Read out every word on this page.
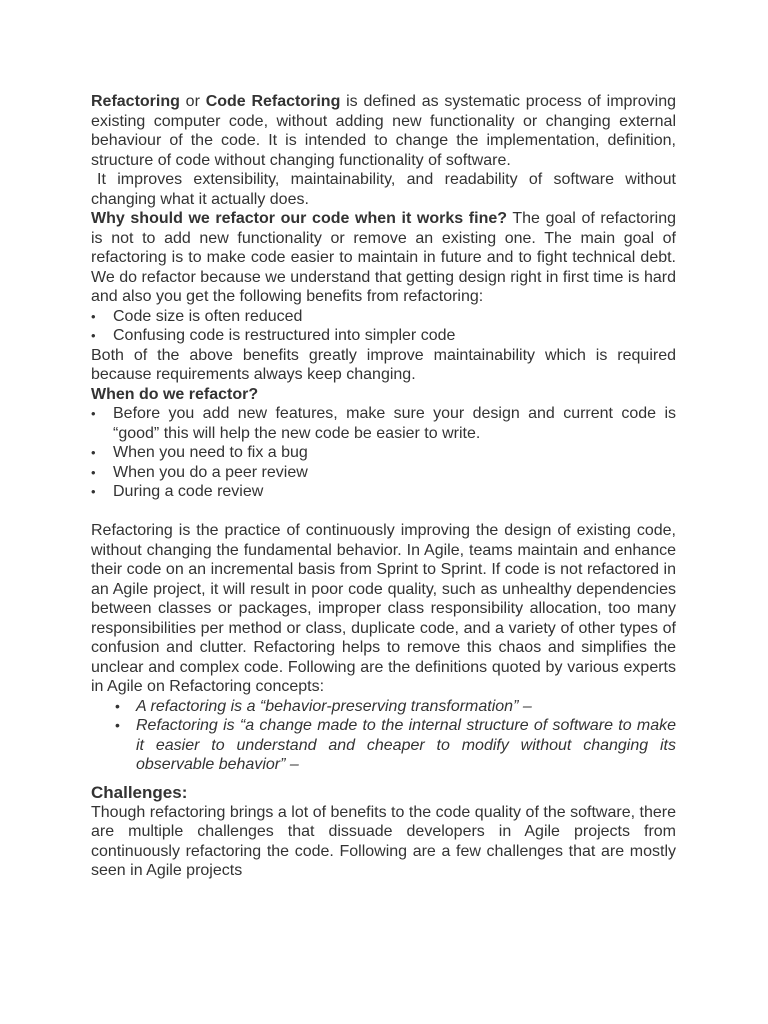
Refactoring or Code Refactoring is defined as systematic process of improving existing computer code, without adding new functionality or changing external behaviour of the code. It is intended to change the implementation, definition, structure of code without changing functionality of software.

It improves extensibility, maintainability, and readability of software without changing what it actually does.

Why should we refactor our code when it works fine? The goal of refactoring is not to add new functionality or remove an existing one. The main goal of refactoring is to make code easier to maintain in future and to fight technical debt. We do refactor because we understand that getting design right in first time is hard and also you get the following benefits from refactoring:

• Code size is often reduced
• Confusing code is restructured into simpler code

Both of the above benefits greatly improve maintainability which is required because requirements always keep changing.

When do we refactor?

• Before you add new features, make sure your design and current code is “good” this will help the new code be easier to write.
• When you need to fix a bug
• When you do a peer review
• During a code review

Refactoring is the practice of continuously improving the design of existing code, without changing the fundamental behavior. In Agile, teams maintain and enhance their code on an incremental basis from Sprint to Sprint. If code is not refactored in an Agile project, it will result in poor code quality, such as unhealthy dependencies between classes or packages, improper class responsibility allocation, too many responsibilities per method or class, duplicate code, and a variety of other types of confusion and clutter. Refactoring helps to remove this chaos and simplifies the unclear and complex code. Following are the definitions quoted by various experts in Agile on Refactoring concepts:

• A refactoring is a “behavior-preserving transformation” –
• Refactoring is “a change made to the internal structure of software to make it easier to understand and cheaper to modify without changing its observable behavior” –

Challenges:

Though refactoring brings a lot of benefits to the code quality of the software, there are multiple challenges that dissuade developers in Agile projects from continuously refactoring the code. Following are a few challenges that are mostly seen in Agile projects
